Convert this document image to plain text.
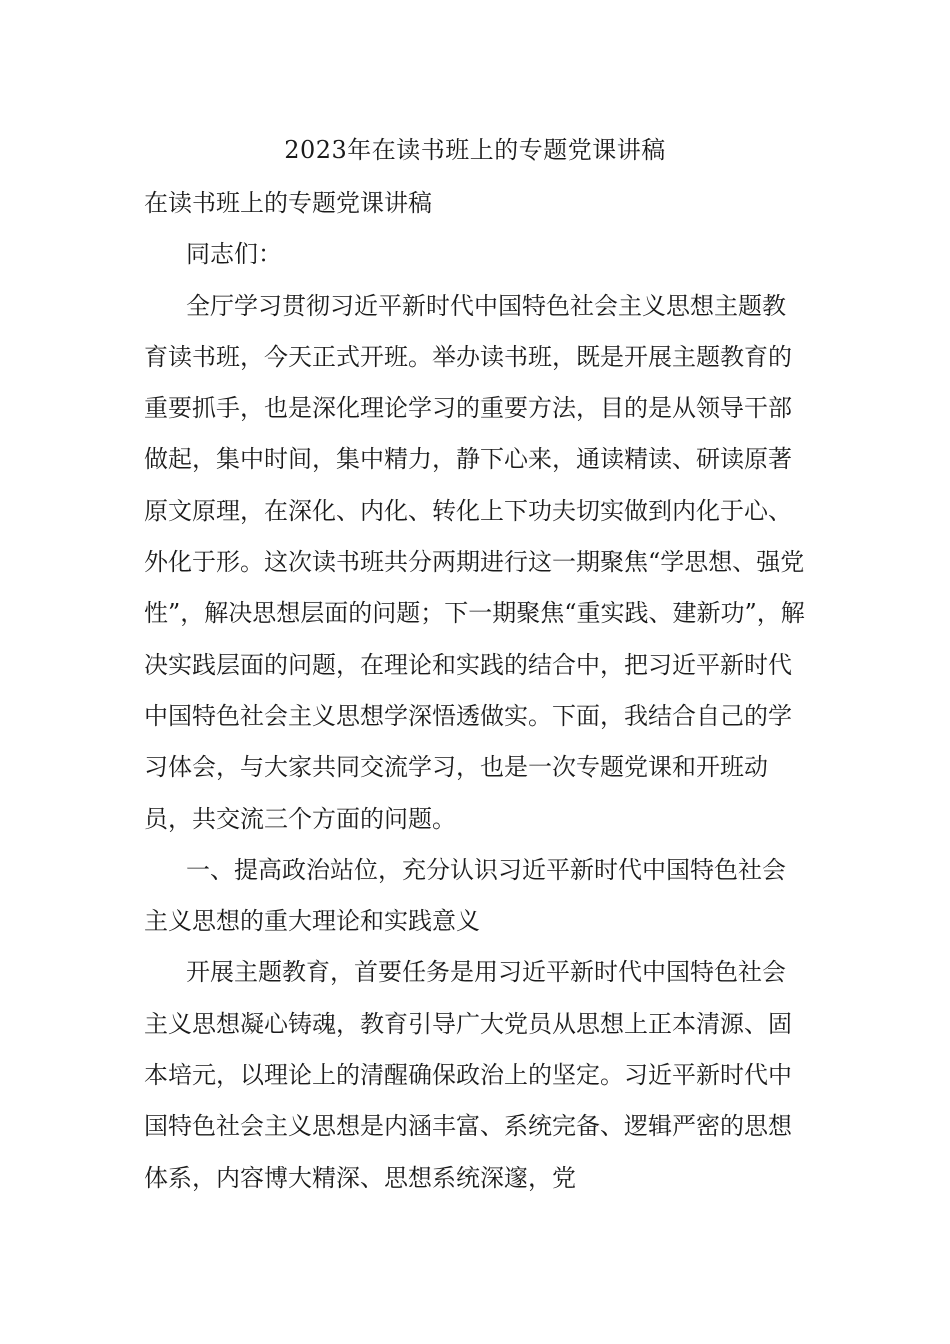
2023年在读书班上的专题党课讲稿

在读书班上的专题党课讲稿

同志们：

全厅学习贯彻习近平新时代中国特色社会主义思想主题教育读书班，今天正式开班。举办读书班，既是开展主题教育的重要抓手，也是深化理论学习的重要方法，目的是从领导干部做起，集中时间，集中精力，静下心来，通读精读、研读原著原文原理，在深化、内化、转化上下功夫切实做到内化于心、外化于形。这次读书班共分两期进行这一期聚焦“学思想、强党性”，解决思想层面的问题；下一期聚焦“重实践、建新功”，解决实践层面的问题，在理论和实践的结合中，把习近平新时代中国特色社会主义思想学深悟透做实。下面，我结合自己的学习体会，与大家共同交流学习，也是一次专题党课和开班动员，共交流三个方面的问题。

一、提高政治站位，充分认识习近平新时代中国特色社会主义思想的重大理论和实践意义

开展主题教育，首要任务是用习近平新时代中国特色社会主义思想凝心铸魂，教育引导广大党员从思想上正本清源、固本培元，以理论上的清醒确保政治上的坚定。习近平新时代中国特色社会主义思想是内涵丰富、系统完备、逻辑严密的思想体系，内容博大精深、思想系统深邃，党
